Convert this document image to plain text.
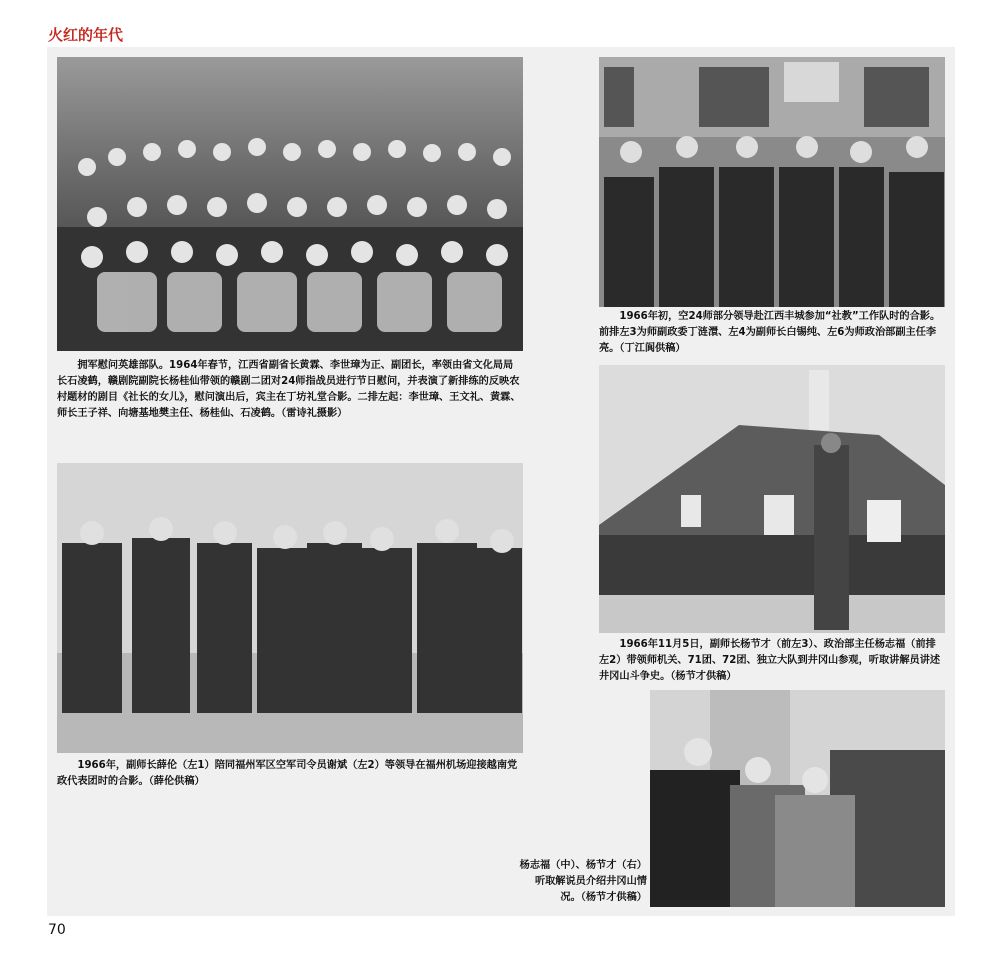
火红的年代
　　拥军慰问英雄部队。1964年春节，江西省副省长黄霖、李世璋为正、副团长，率领由省文化局局长石凌鹤，赣剧院副院长杨桂仙带领的赣剧二团对24师指战员进行节日慰问，并表演了新排练的反映农村题材的剧目《社长的女儿》，慰问演出后，宾主在丁坊礼堂合影。二排左起：李世璋、王文礼、黄霖、师长王子祥、向塘基地樊主任、杨桂仙、石凌鹤。（雷诗礼摄影）
　　1966年，副师长薛伦（左1）陪同福州军区空军司令员谢斌（左2）等领导在福州机场迎接越南党政代表团时的合影。（薛伦供稿）
　　1966年初，空24师部分领导赴江西丰城参加“社教”工作队时的合影。前排左3为师副政委丁涟澴、左4为副师长白锡纯、左6为师政治部副主任李亮。（丁江阆供稿）
　　1966年11月5日，副师长杨节才（前左3）、政治部主任杨志福（前排左2）带领师机关、71团、72团、独立大队到井冈山参观，听取讲解员讲述井冈山斗争史。（杨节才供稿）
杨志福（中）、杨节才（右）听取解说员介绍井冈山情况。（杨节才供稿）
70
